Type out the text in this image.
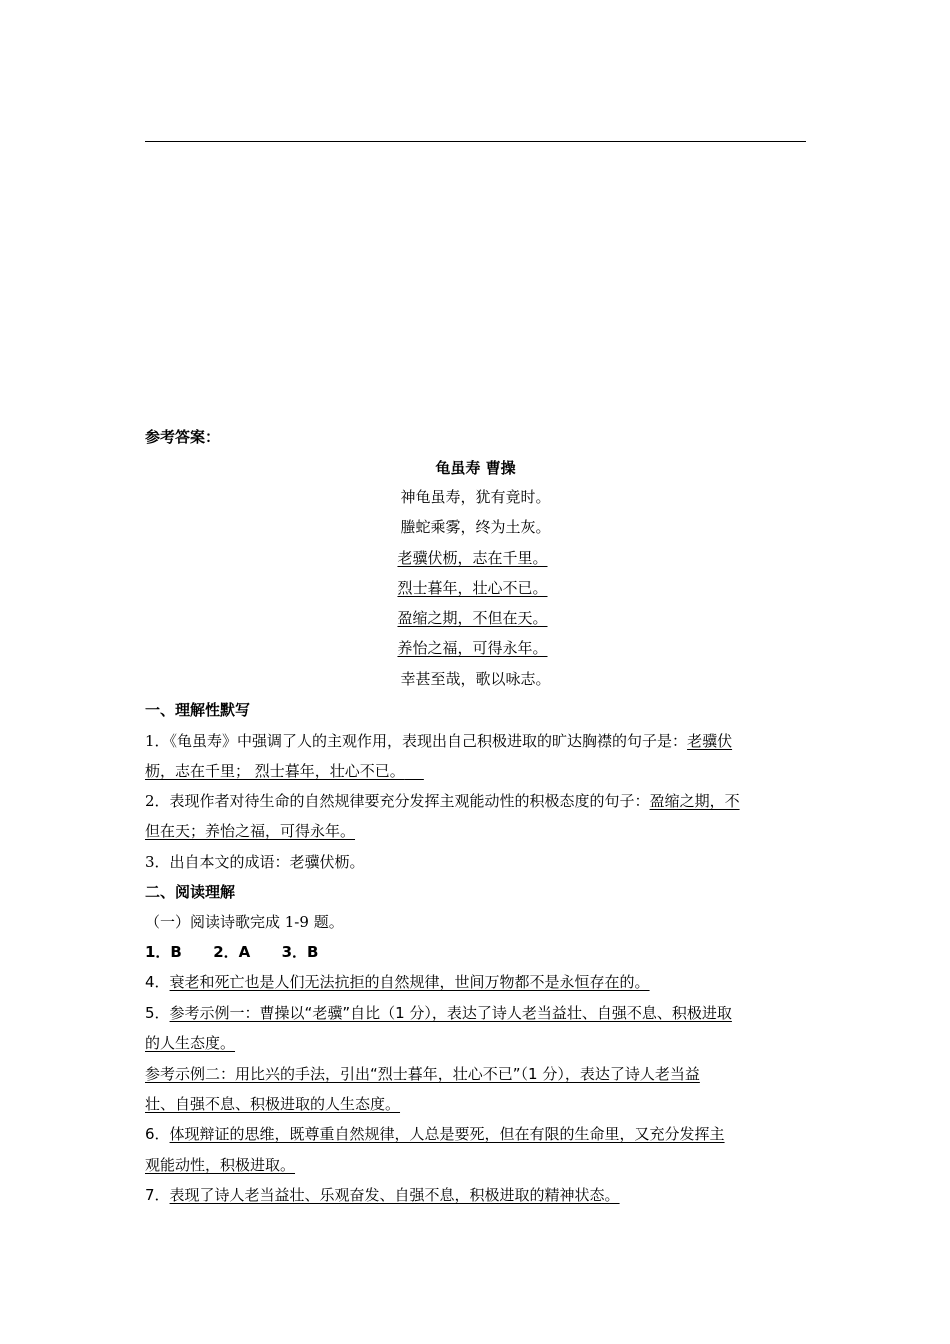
参考答案：
龟虽寿 曹操
神龟虽寿，犹有竟时。
螣蛇乘雾，终为土灰。
老骥伏枥，志在千里。
烈士暮年，壮心不已。
盈缩之期，不但在天。
养怡之福，可得永年。
幸甚至哉，歌以咏志。
一、理解性默写
1．《龟虽寿》中强调了人的主观作用，表现出自己积极进取的旷达胸襟的句子是：老骥伏
枥，志在千里； 烈士暮年，壮心不已。
2．表现作者对待生命的自然规律要充分发挥主观能动性的积极态度的句子：盈缩之期，不
但在天；养怡之福，可得永年。
3．出自本文的成语：老骥伏枥。
二、阅读理解
（一）阅读诗歌完成 1-9 题。
1．B      2．A      3．B
4．衰老和死亡也是人们无法抗拒的自然规律，世间万物都不是永恒存在的。
5．参考示例一：曹操以“老骥”自比（1 分），表达了诗人老当益壮、自强不息、积极进取
的人生态度。
参考示例二：用比兴的手法，引出“烈士暮年，壮心不已”（1 分），表达了诗人老当益
壮、自强不息、积极进取的人生态度。
6．体现辩证的思维，既尊重自然规律，人总是要死，但在有限的生命里，又充分发挥主
观能动性，积极进取。
7．表现了诗人老当益壮、乐观奋发、自强不息，积极进取的精神状态。
